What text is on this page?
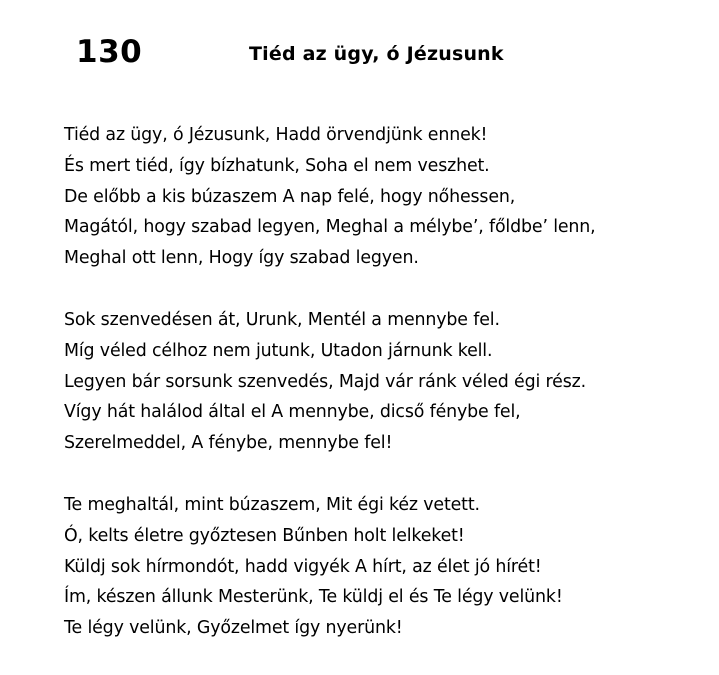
130	Tiéd az ügy, ó Jézusunk
Tiéd az ügy, ó Jézusunk, Hadd örvendjünk ennek!
És mert tiéd, így bízhatunk, Soha el nem veszhet.
De előbb a kis búzaszem A nap felé, hogy nőhessen,
Magától, hogy szabad legyen, Meghal a mélybe’, főldbe’ lenn,
Meghal ott lenn, Hogy így szabad legyen.
Sok szenvedésen át, Urunk, Mentél a mennybe fel.
Míg véled célhoz nem jutunk, Utadon járnunk kell.
Legyen bár sorsunk szenvedés, Majd vár ránk véled égi rész.
Vígy hát halálod által el A mennybe, dicső fénybe fel,
Szerelmeddel, A fénybe, mennybe fel!
Te meghaltál, mint búzaszem, Mit égi kéz vetett.
Ó, kelts életre győztesen Bűnben holt lelkeket!
Küldj sok hírmondót, hadd vigyék A hírt, az élet jó hírét!
Ím, készen állunk Mesterünk, Te küldj el és Te légy velünk!
Te légy velünk, Győzelmet így nyerünk!
